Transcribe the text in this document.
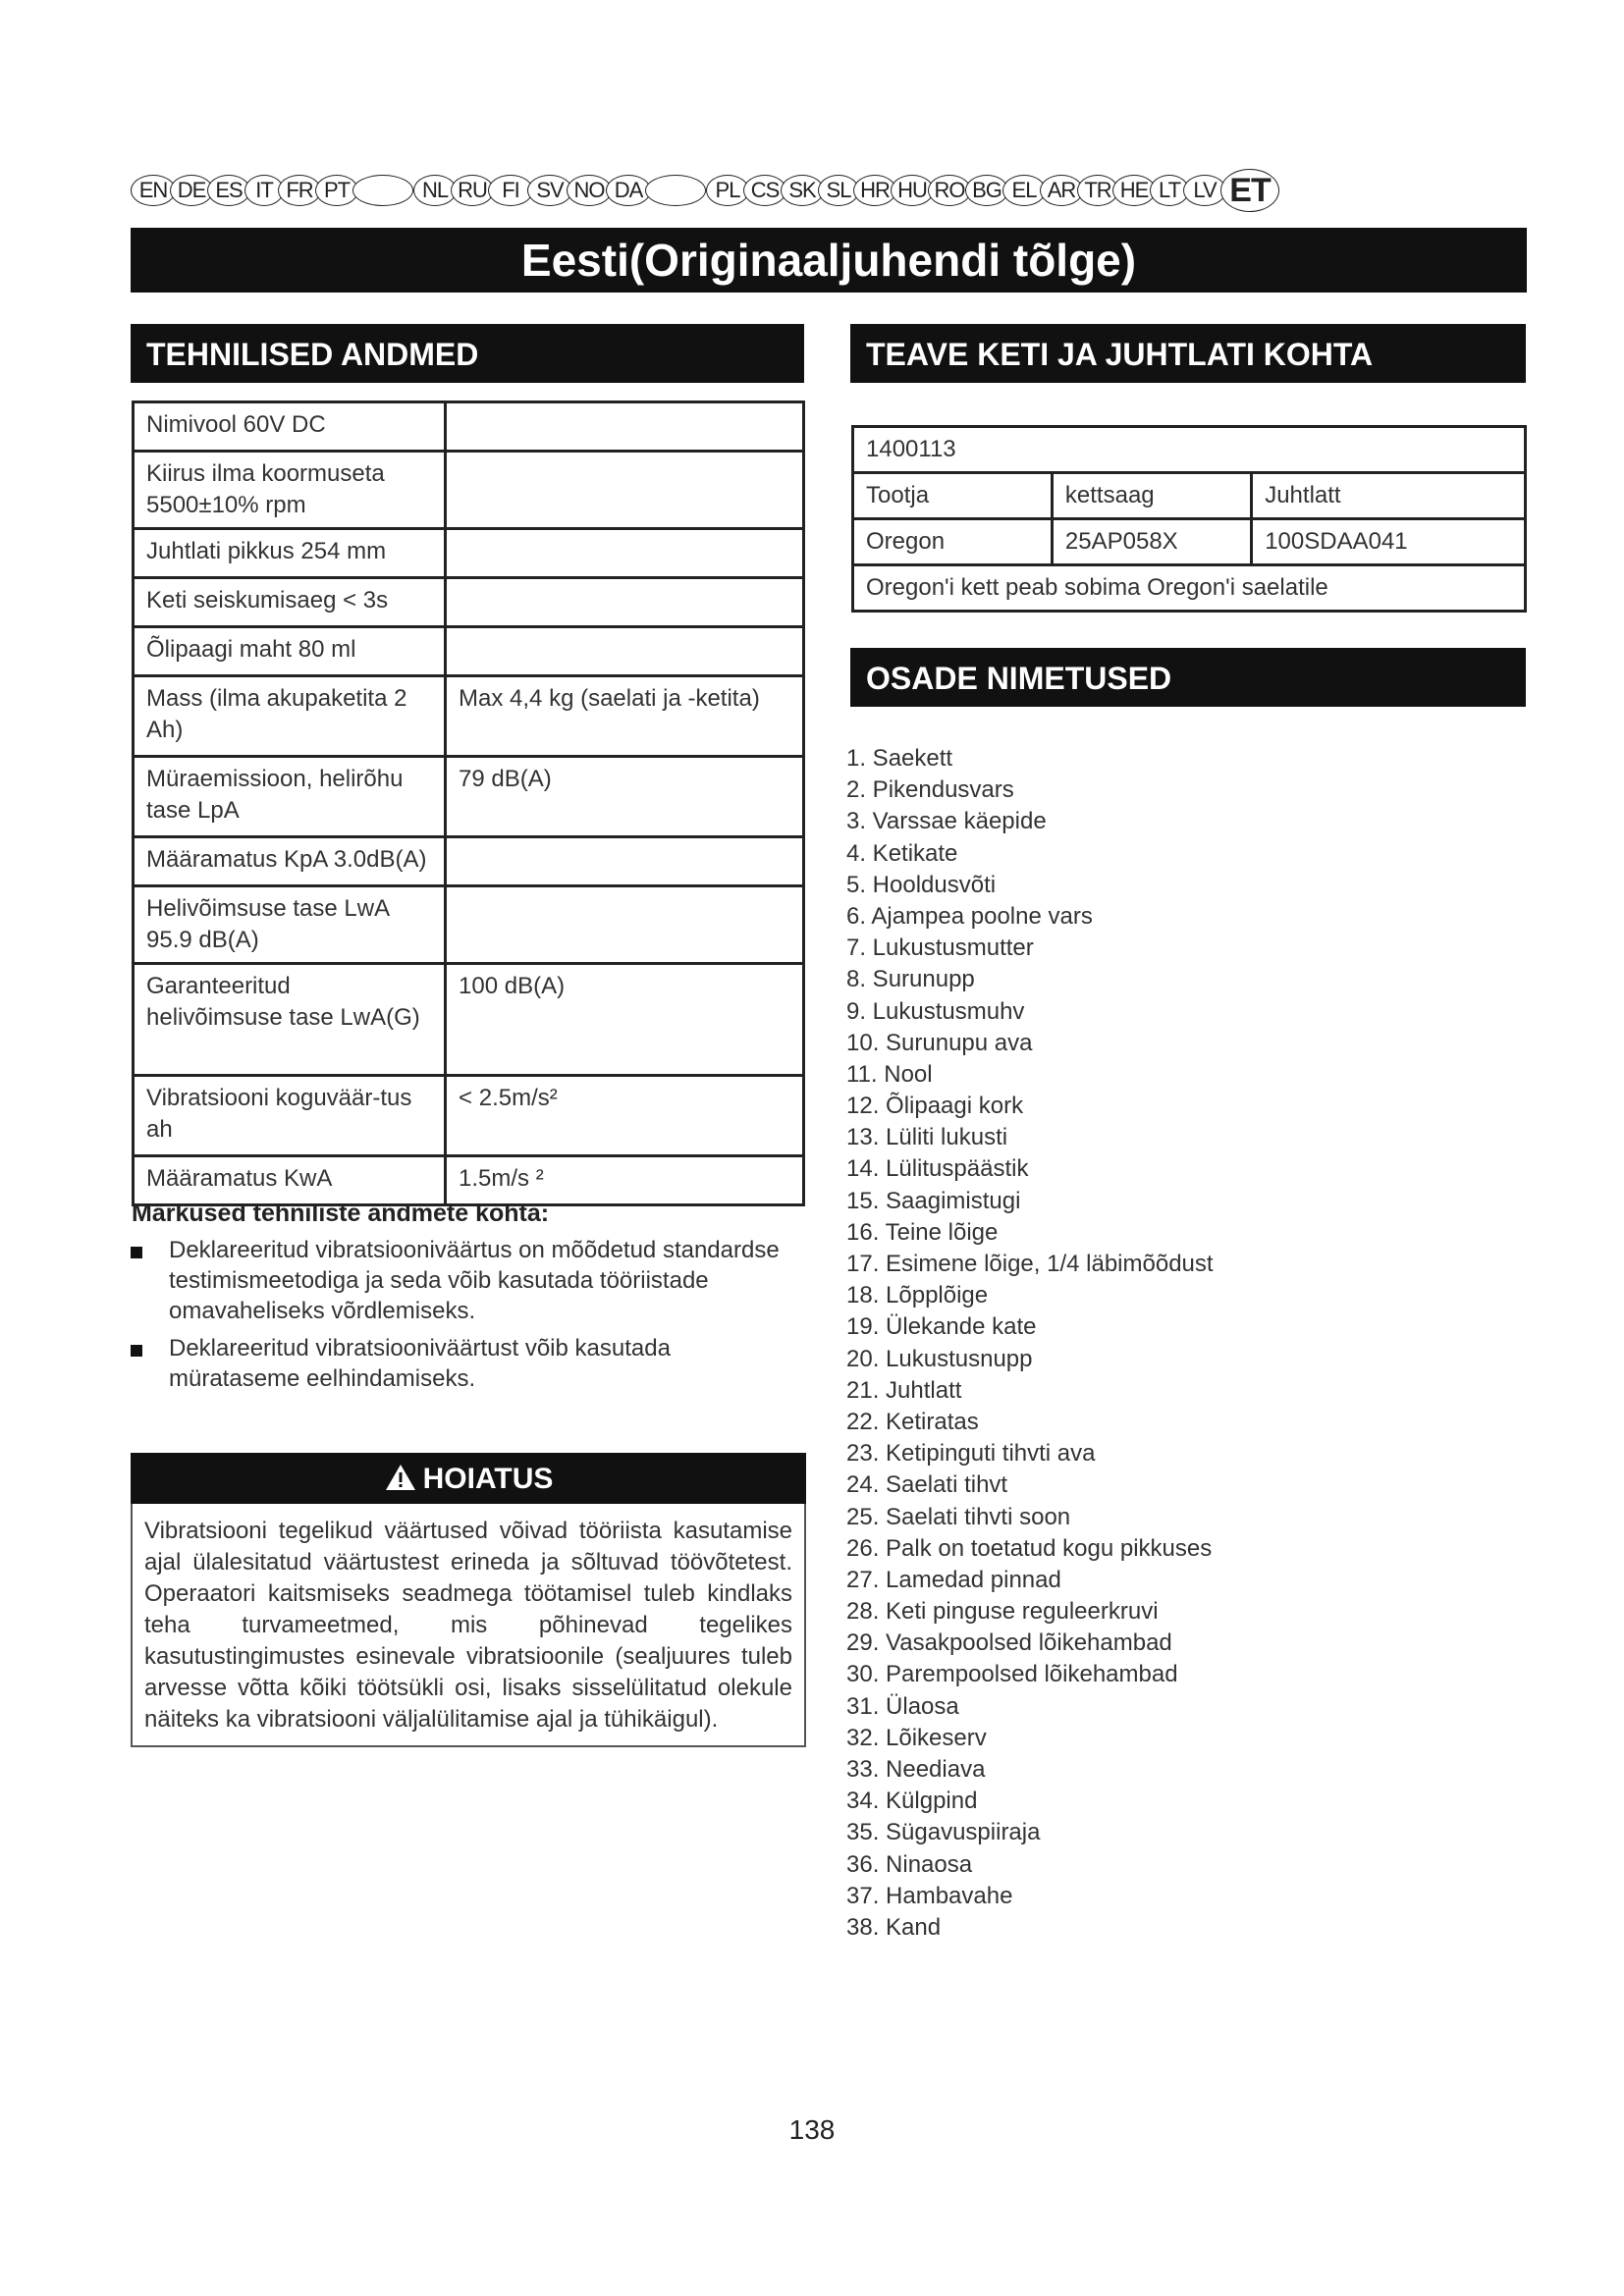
EN DE ES IT FR PT	NL RU FI SV NO DA	PL CS SK SL HR HU RO BG EL AR TR HE LT LV ET
Eesti(Originaaljuhendi tõlge)
TEHNILISED ANDMED
Nimivool 60V DC	
Kiirus ilma koormuseta 5500±10% rpm	
Juhtlati pikkus 254 mm	
Keti seiskumisaeg < 3s	
Õlipaagi maht 80 ml	
Mass (ilma akupaketita 2 Ah)	Max 4,4 kg (saelati ja -ketita)
Müraemissioon, helirõhu tase LpA	79 dB(A)
Määramatus KpA 3.0dB(A)	
Helivõimsuse tase LwA 95.9 dB(A)	
Garanteeritud helivõimsuse tase LwA(G)	100 dB(A)
Vibratsiooni koguväär-tus ah	< 2.5m/s²
Määramatus KwA	1.5m/s ²
Märkused tehniliste andmete kohta:
Deklareeritud vibratsiooniväärtus on mõõdetud standardse testimismeetodiga ja seda võib kasutada tööriistade omavaheliseks võrdlemiseks.
Deklareeritud vibratsiooniväärtust võib kasutada mürataseme eelhindamiseks.
HOIATUS
Vibratsiooni tegelikud väärtused võivad tööriista kasutamise ajal ülalesitatud väärtustest erineda ja sõltuvad töövõtetest. Operaatori kaitsmiseks seadmega töötamisel tuleb kindlaks teha turvameetmed, mis põhinevad tegelikes kasutustingimustes esinevale vibratsioonile (sealjuures tuleb arvesse võtta kõiki töötsükli osi, lisaks sisselülitatud olekule näiteks ka vibratsiooni väljalülitamise ajal ja tühikäigul).
TEAVE KETI JA JUHTLATI KOHTA
1400113		
Tootja	kettsaag	Juhtlatt
Oregon	25AP058X	100SDAA041
Oregon'i kett peab sobima Oregon'i saelatile		
OSADE NIMETUSED
1. Saekett
2. Pikendusvars
3. Varssae käepide
4. Ketikate
5. Hooldusvõti
6. Ajampea poolne vars
7. Lukustusmutter
8. Surunupp
9. Lukustusmuhv
10. Surunupu ava
11. Nool
12. Õlipaagi kork
13. Lüliti lukusti
14. Lülituspäästik
15. Saagimistugi
16. Teine lõige
17. Esimene lõige, 1/4 läbimõõdust
18. Lõpplõige
19. Ülekande kate
20. Lukustusnupp
21. Juhtlatt
22. Ketiratas
23. Ketipinguti tihvti ava
24. Saelati tihvt
25. Saelati tihvti soon
26. Palk on toetatud kogu pikkuses
27. Lamedad pinnad
28. Keti pinguse reguleerkruvi
29. Vasakpoolsed lõikehambad
30. Parempoolsed lõikehambad
31. Ülaosa
32. Lõikeserv
33. Neediava
34. Külgpind
35. Sügavuspiiraja
36. Ninaosa
37. Hambavahe
38. Kand
138
